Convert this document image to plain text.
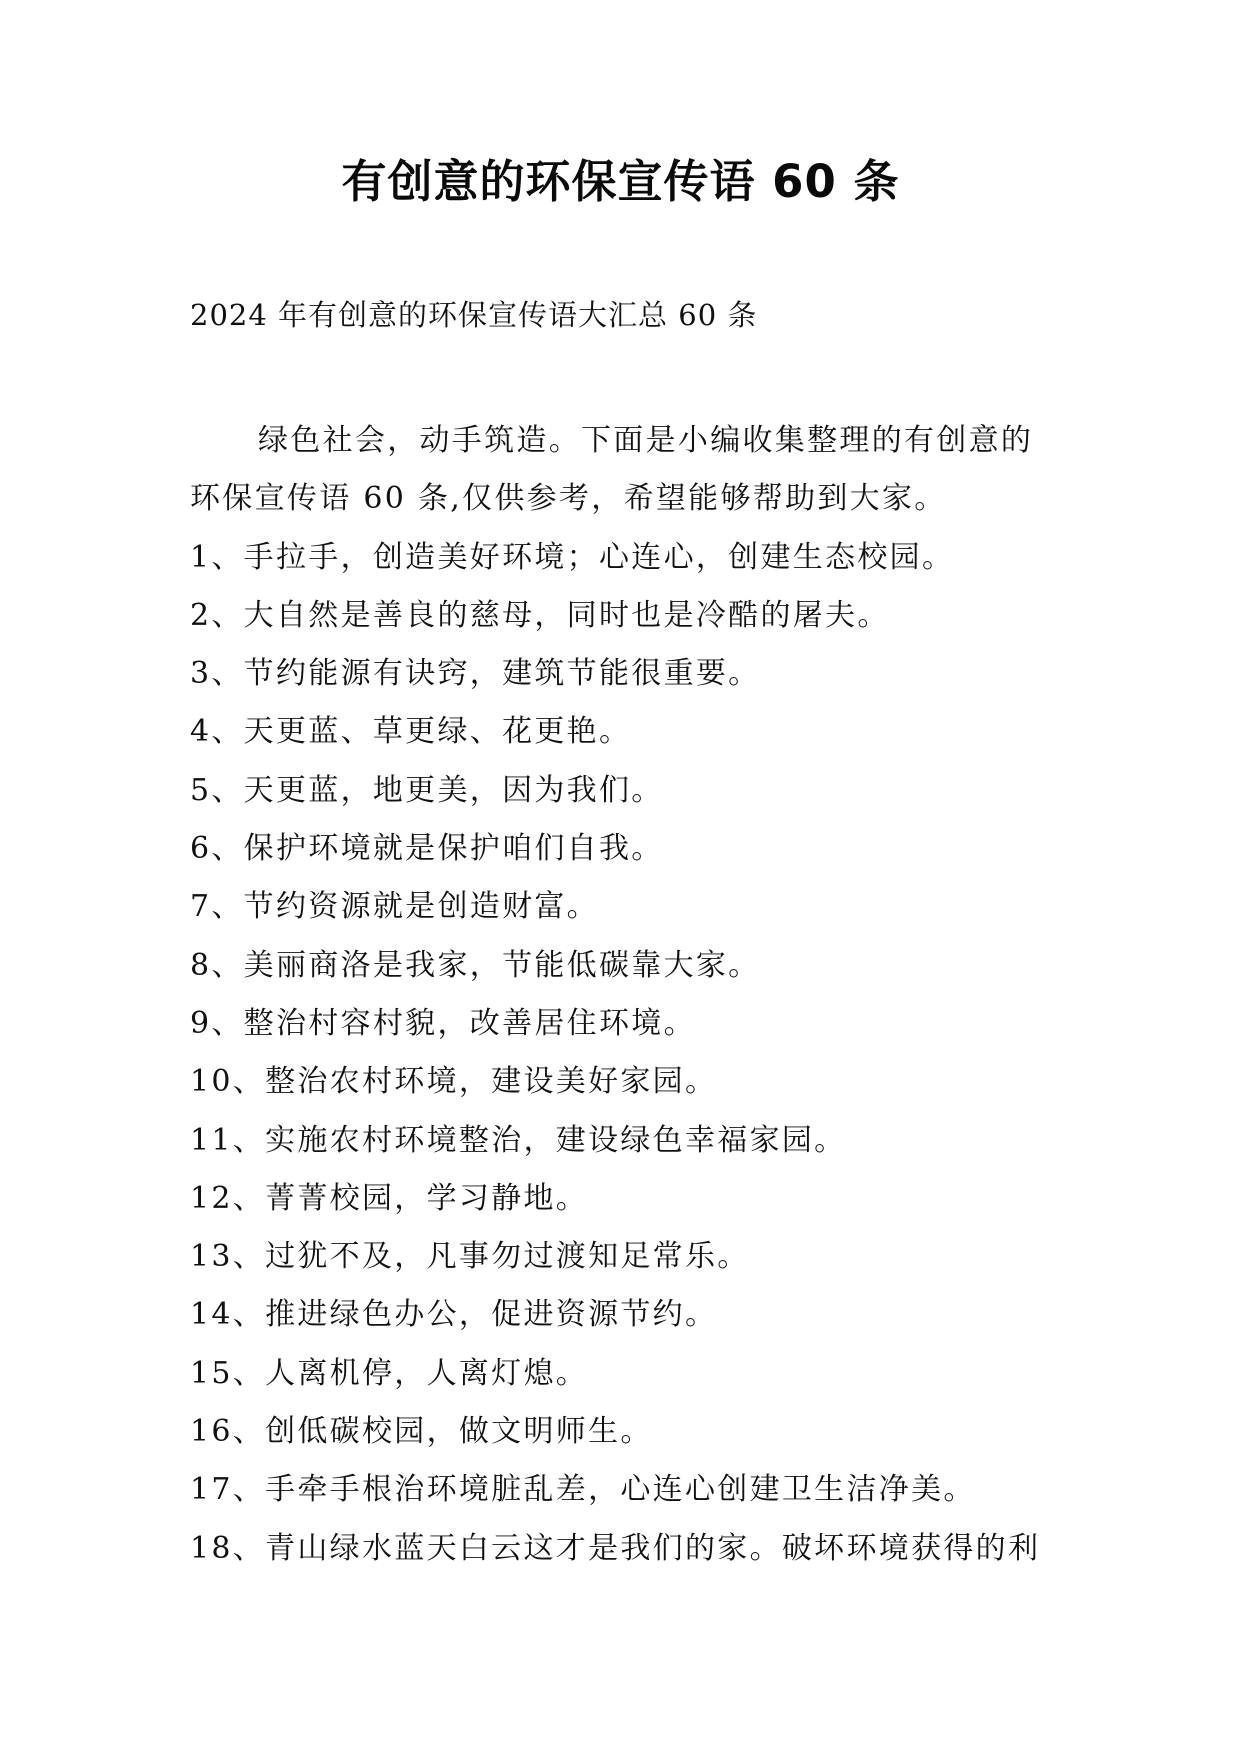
有创意的环保宣传语 60 条

2024 年有创意的环保宣传语大汇总 60 条

绿色社会，动手筑造。下面是小编收集整理的有创意的环保宣传语 60 条,仅供参考，希望能够帮助到大家。

1、手拉手，创造美好环境；心连心，创建生态校园。
2、大自然是善良的慈母，同时也是冷酷的屠夫。
3、节约能源有诀窍，建筑节能很重要。
4、天更蓝、草更绿、花更艳。
5、天更蓝，地更美，因为我们。
6、保护环境就是保护咱们自我。
7、节约资源就是创造财富。
8、美丽商洛是我家，节能低碳靠大家。
9、整治村容村貌，改善居住环境。
10、整治农村环境，建设美好家园。
11、实施农村环境整治，建设绿色幸福家园。
12、菁菁校园，学习静地。
13、过犹不及，凡事勿过渡知足常乐。
14、推进绿色办公，促进资源节约。
15、人离机停，人离灯熄。
16、创低碳校园，做文明师生。
17、手牵手根治环境脏乱差，心连心创建卫生洁净美。
18、青山绿水蓝天白云这才是我们的家。破坏环境获得的利
